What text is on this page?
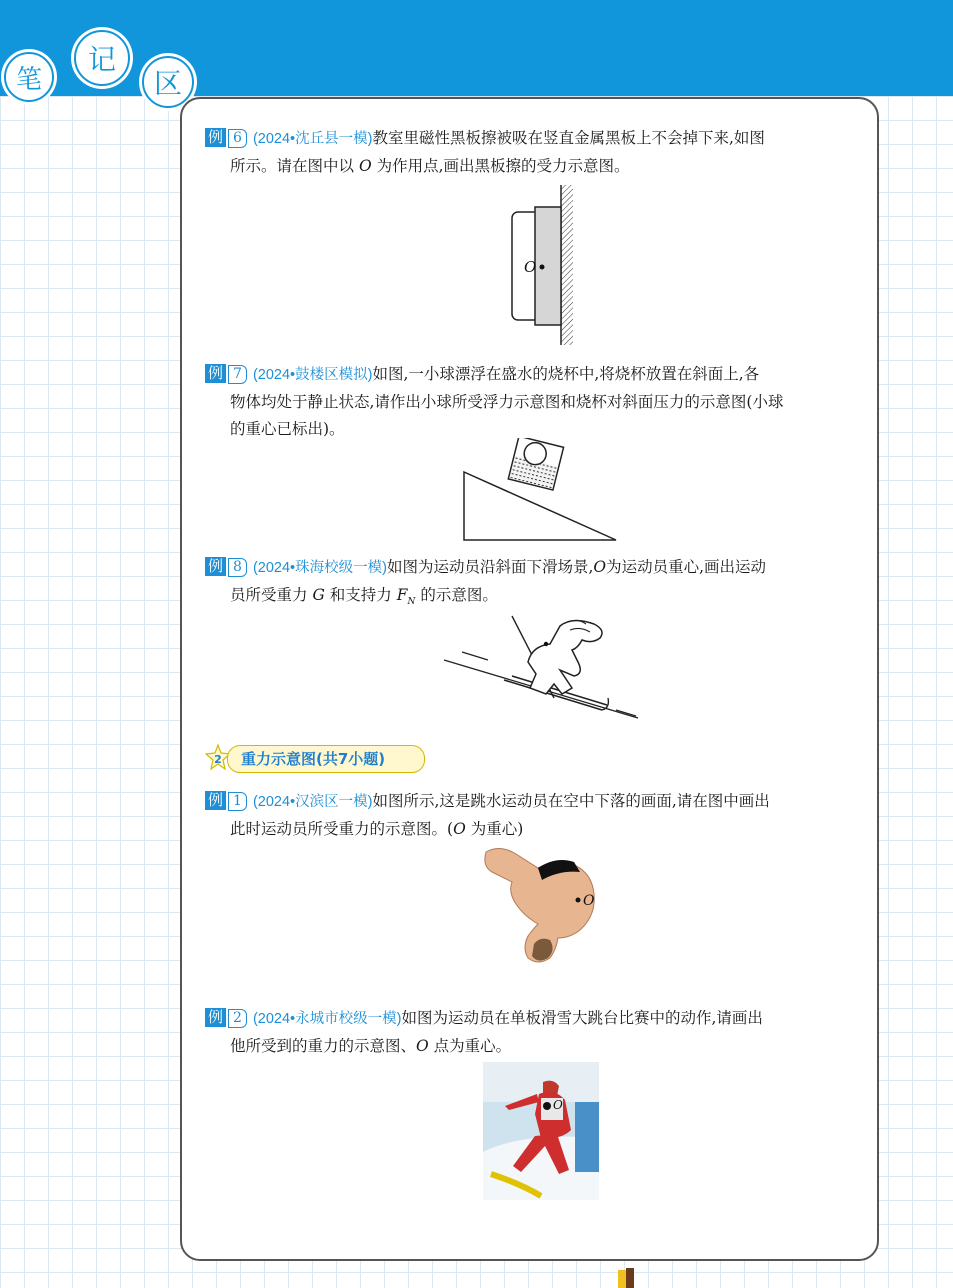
笔
记
区
例 6 (2024•沈丘县一模)教室里磁性黑板擦被吸在竖直金属黑板上不会掉下来,如图
所示。请在图中以 O 为作用点,画出黑板擦的受力示意图。
O
例 7 (2024•鼓楼区模拟)如图,一小球漂浮在盛水的烧杯中,将烧杯放置在斜面上,各
物体均处于静止状态,请作出小球所受浮力示意图和烧杯对斜面压力的示意图(小球
的重心已标出)。
例 8 (2024•珠海校级一模)如图为运动员沿斜面下滑场景,O为运动员重心,画出运动
员所受重力 G 和支持力 $F_N$ 的示意图。
2 重力示意图(共7小题)
例 1 (2024•汉滨区一模)如图所示,这是跳水运动员在空中下落的画面,请在图中画出
此时运动员所受重力的示意图。(O 为重心)
O
例 2 (2024•永城市校级一模)如图为运动员在单板滑雪大跳台比赛中的动作,请画出
他所受到的重力的示意图、O 点为重心。
O
